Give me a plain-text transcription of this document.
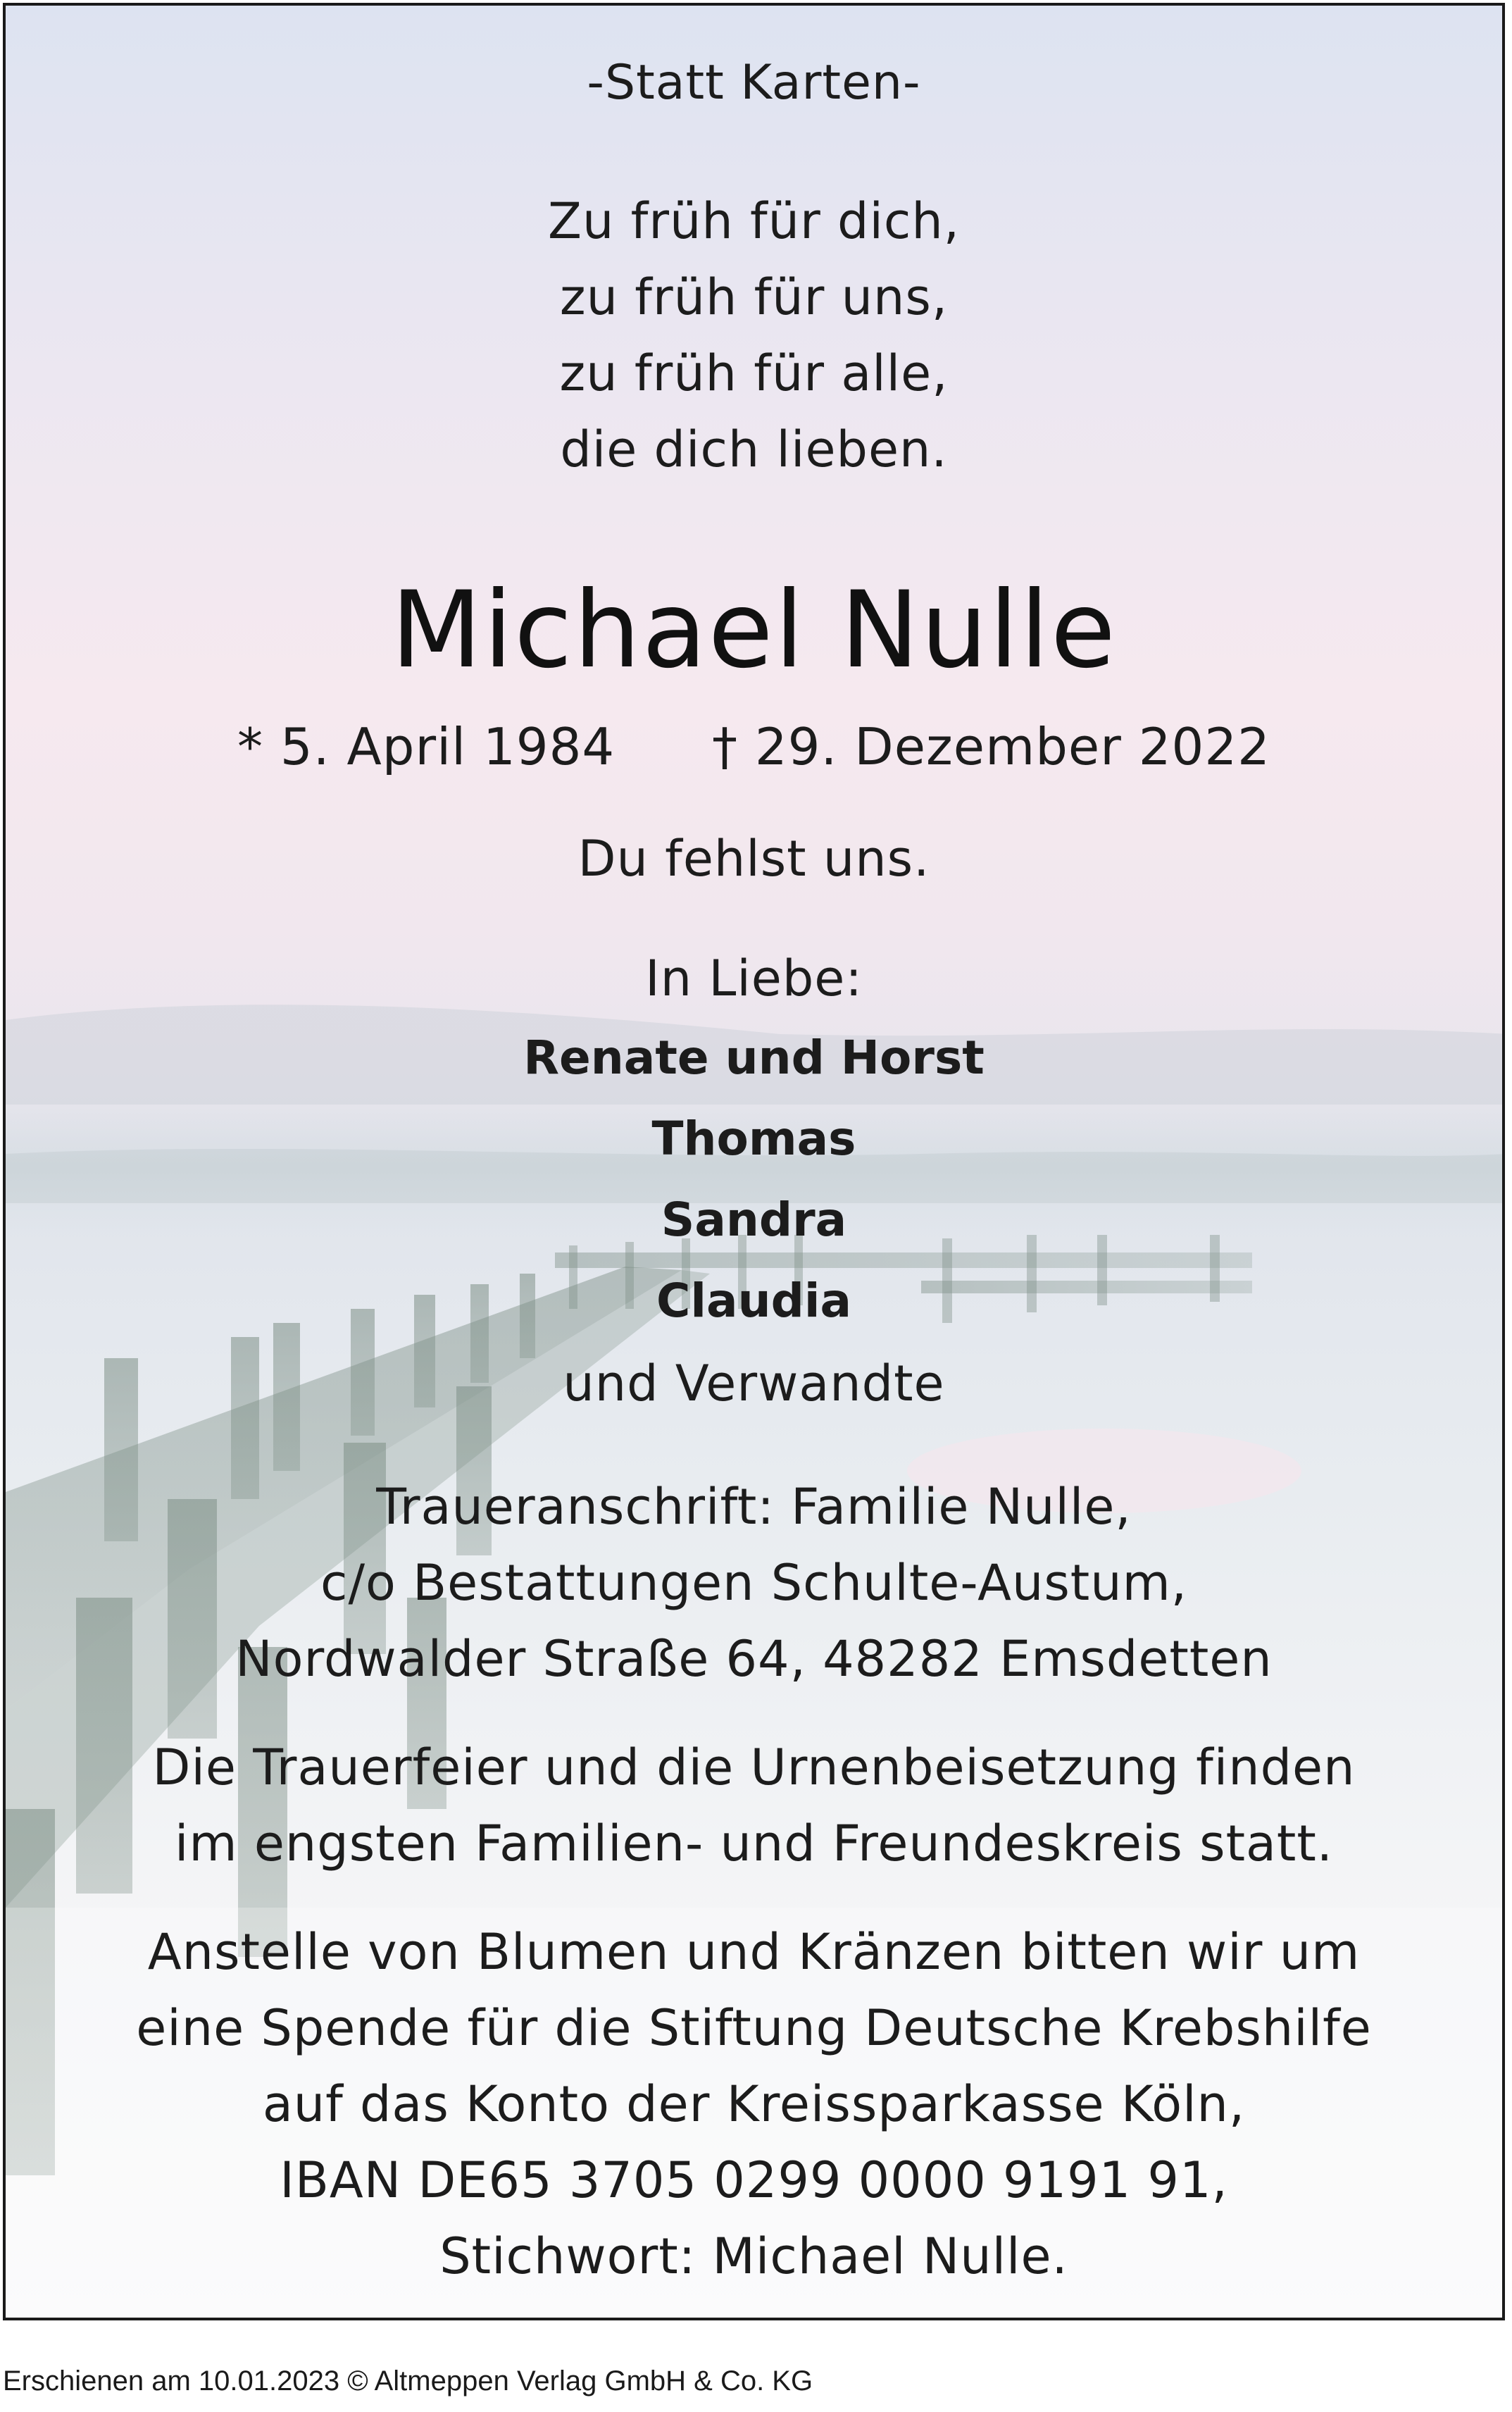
-Statt Karten-
Zu früh für dich,
zu früh für uns,
zu früh für alle,
die dich lieben.
Michael Nulle
* 5. April 1984 † 29. Dezember 2022
Du fehlst uns.
In Liebe:
Renate und Horst
Thomas
Sandra
Claudia
und Verwandte
Traueranschrift: Familie Nulle,
c/o Bestattungen Schulte-Austum,
Nordwalder Straße 64, 48282 Emsdetten
Die Trauerfeier und die Urnenbeisetzung finden
im engsten Familien- und Freundeskreis statt.
Anstelle von Blumen und Kränzen bitten wir um
eine Spende für die Stiftung Deutsche Krebshilfe
auf das Konto der Kreissparkasse Köln,
IBAN DE65 3705 0299 0000 9191 91,
Stichwort: Michael Nulle.
Erschienen am 10.01.2023 © Altmeppen Verlag GmbH & Co. KG
